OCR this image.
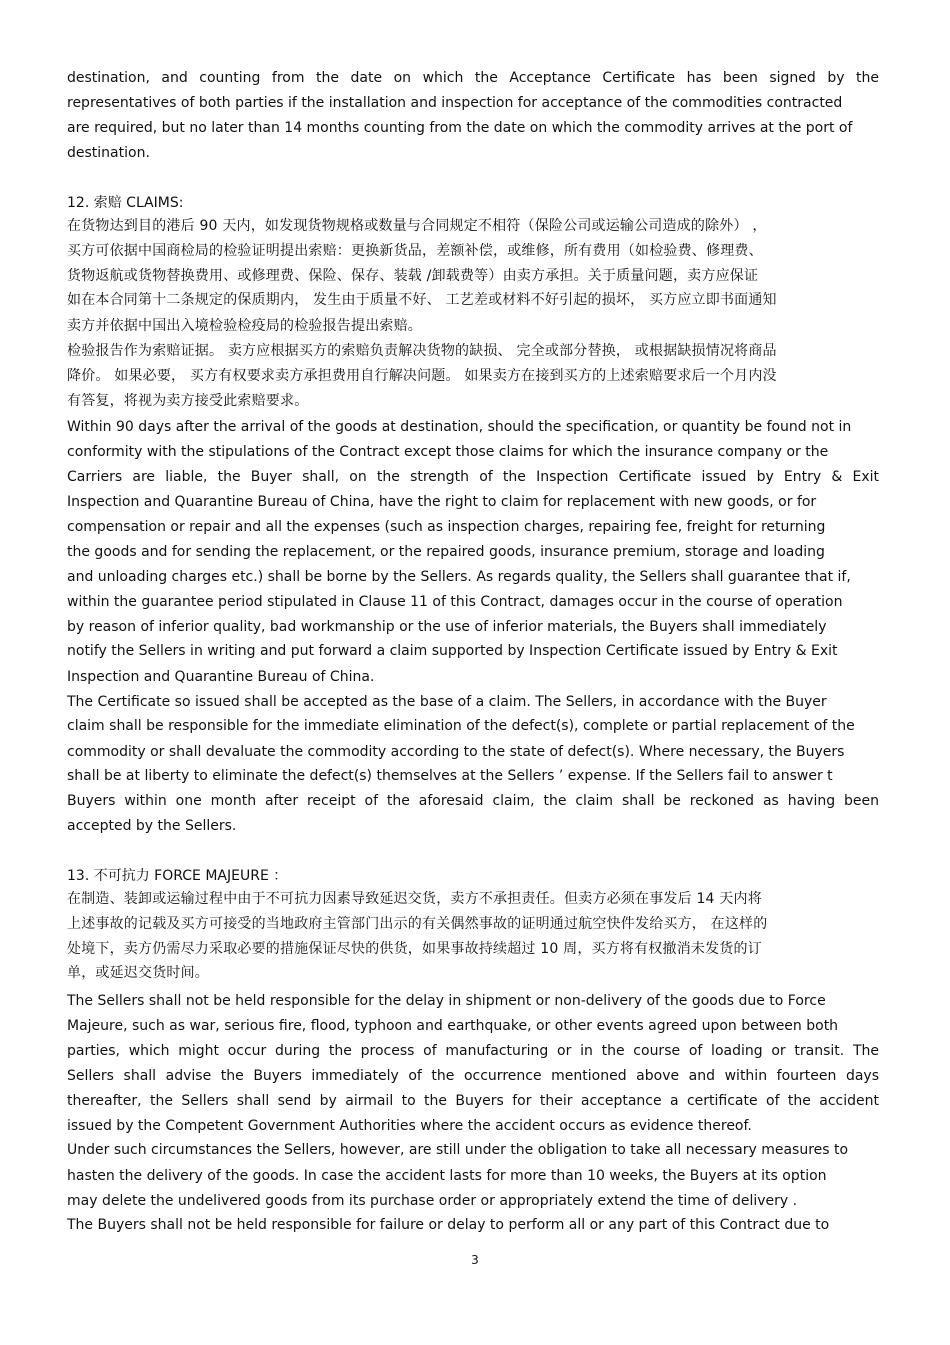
destination, and counting from the date on which the Acceptance Certificate has been signed by the
representatives of both parties if the installation and inspection for acceptance of the commodities contracted
are required, but no later than 14 months counting from the date on which the commodity arrives at the port of
destination.
12. 索赔 CLAIMS:
在货物达到目的港后 90 天内，如发现货物规格或数量与合同规定不相符（保险公司或运输公司造成的除外） ，
买方可依据中国商检局的检验证明提出索赔：更换新货品，差额补偿，或维修，所有费用（如检验费、修理费、
货物返航或货物替换费用、或修理费、保险、保存、装载 /卸载费等）由卖方承担。关于质量问题，卖方应保证
如在本合同第十二条规定的保质期内， 发生由于质量不好、 工艺差或材料不好引起的损坏， 买方应立即书面通知
卖方并依据中国出入境检验检疫局的检验报告提出索赔。
检验报告作为索赔证据。 卖方应根据买方的索赔负责解决货物的缺损、 完全或部分替换， 或根据缺损情况将商品
降价。 如果必要， 买方有权要求卖方承担费用自行解决问题。 如果卖方在接到买方的上述索赔要求后一个月内没
有答复，将视为卖方接受此索赔要求。
Within 90 days after the arrival of the goods at destination, should the specification, or quantity be found not in
conformity with the stipulations of the Contract except those claims for which the insurance company or the
Carriers are liable, the Buyer shall, on the strength of the Inspection Certificate issued by Entry & Exit
Inspection and Quarantine Bureau of China, have the right to claim for replacement with new goods, or for
compensation or repair and all the expenses (such as inspection charges, repairing fee, freight for returning
the goods and for sending the replacement, or the repaired goods, insurance premium, storage and loading
and unloading charges etc.) shall be borne by the Sellers. As regards quality, the Sellers shall guarantee that if,
within the guarantee period stipulated in Clause 11 of this Contract, damages occur in the course of operation
by reason of inferior quality, bad workmanship or the use of inferior materials, the Buyers shall immediately
notify the Sellers in writing and put forward a claim supported by Inspection Certificate issued by Entry & Exit
Inspection and Quarantine Bureau of China.
The Certificate so issued shall be accepted as the base of a claim. The Sellers, in accordance with the Buyer
claim shall be responsible for the immediate elimination of the defect(s), complete or partial replacement of the
commodity or shall devaluate the commodity according to the state of defect(s). Where necessary, the Buyers
shall be at liberty to eliminate the defect(s) themselves at the Sellers ’ expense. If the Sellers fail to answer t
Buyers within one month after receipt of the aforesaid claim, the claim shall be reckoned as having been
accepted by the Sellers.
13. 不可抗力 FORCE MAJEURE ：
在制造、装卸或运输过程中由于不可抗力因素导致延迟交货，卖方不承担责任。但卖方必须在事发后 14 天内将
上述事故的记载及买方可接受的当地政府主管部门出示的有关偶然事故的证明通过航空快件发给买方， 在这样的
处境下，卖方仍需尽力采取必要的措施保证尽快的供货，如果事故持续超过 10 周，买方将有权撤消未发货的订
单，或延迟交货时间。
The Sellers shall not be held responsible for the delay in shipment or non-delivery of the goods due to Force
Majeure, such as war, serious fire, flood, typhoon and earthquake, or other events agreed upon between both
parties, which might occur during the process of manufacturing or in the course of loading or transit. The
Sellers shall advise the Buyers immediately of the occurrence mentioned above and within fourteen days
thereafter, the Sellers shall send by airmail to the Buyers for their acceptance a certificate of the accident
issued by the Competent Government Authorities where the accident occurs as evidence thereof.
Under such circumstances the Sellers, however, are still under the obligation to take all necessary measures to
hasten the delivery of the goods. In case the accident lasts for more than 10 weeks, the Buyers at its option
may delete the undelivered goods from its purchase order or appropriately extend the time of delivery .
The Buyers shall not be held responsible for failure or delay to perform all or any part of this Contract due to
3
